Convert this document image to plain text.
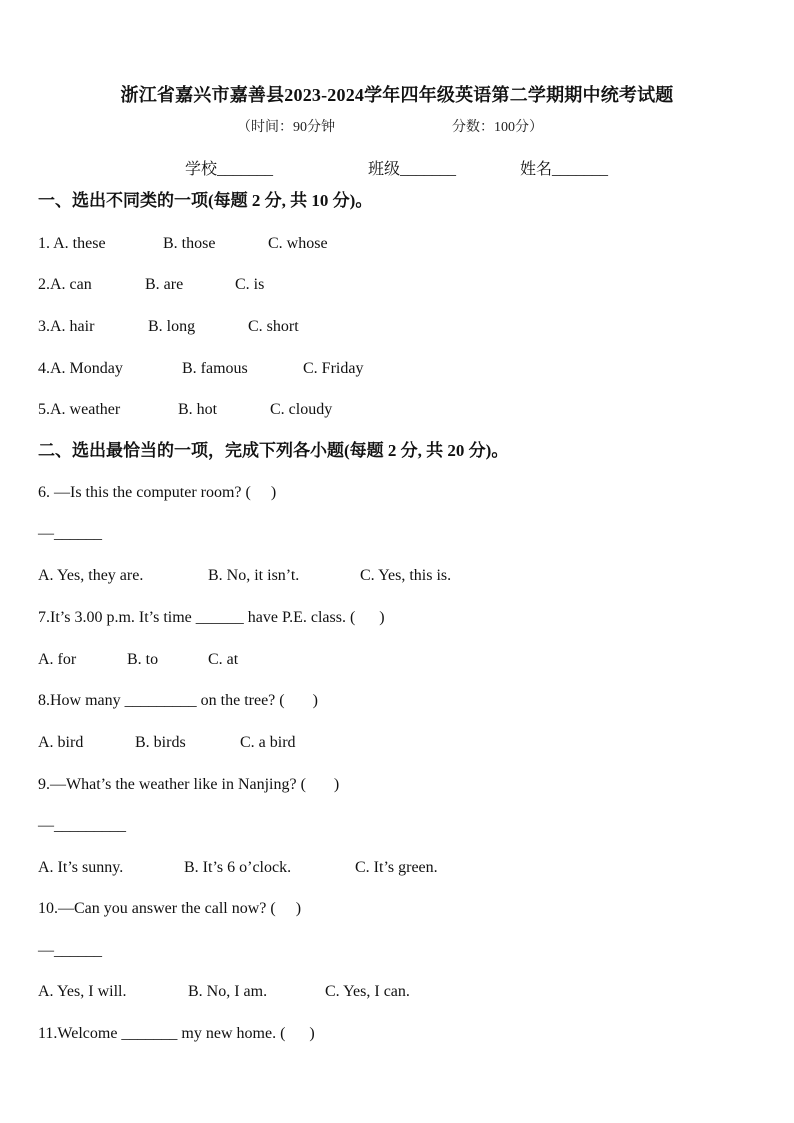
浙江省嘉兴市嘉善县2023-2024学年四年级英语第二学期期中统考试题
（时间：90分钟	分数：100分）
学校_______	班级_______	姓名_______
一、选出不同类的一项(每题 2 分, 共 10 分)。
1. A. these	B. those	C. whose
2.A. can	B. are	C. is
3.A. hair	B. long	C. short
4.A. Monday	B. famous	C. Friday
5.A. weather	B. hot	C. cloudy
二、选出最恰当的一项，完成下列各小题(每题 2 分, 共 20 分)。
6. —Is this the computer room? (     )
—______
A. Yes, they are.	B. No, it isn’t.	C. Yes, this is.
7.It’s 3.00 p.m. It’s time ______ have P.E. class. (      )
A. for	B. to	C. at
8.How many _________ on the tree? (       )
A. bird	B. birds	C. a bird
9.—What’s the weather like in Nanjing? (       )
—_________
A. It’s sunny.	B. It’s 6 o’clock.	C. It’s green.
10.—Can you answer the call now? (     )
—______
A. Yes, I will.	B. No, I am.	C. Yes, I can.
11.Welcome _______ my new home. (      )
